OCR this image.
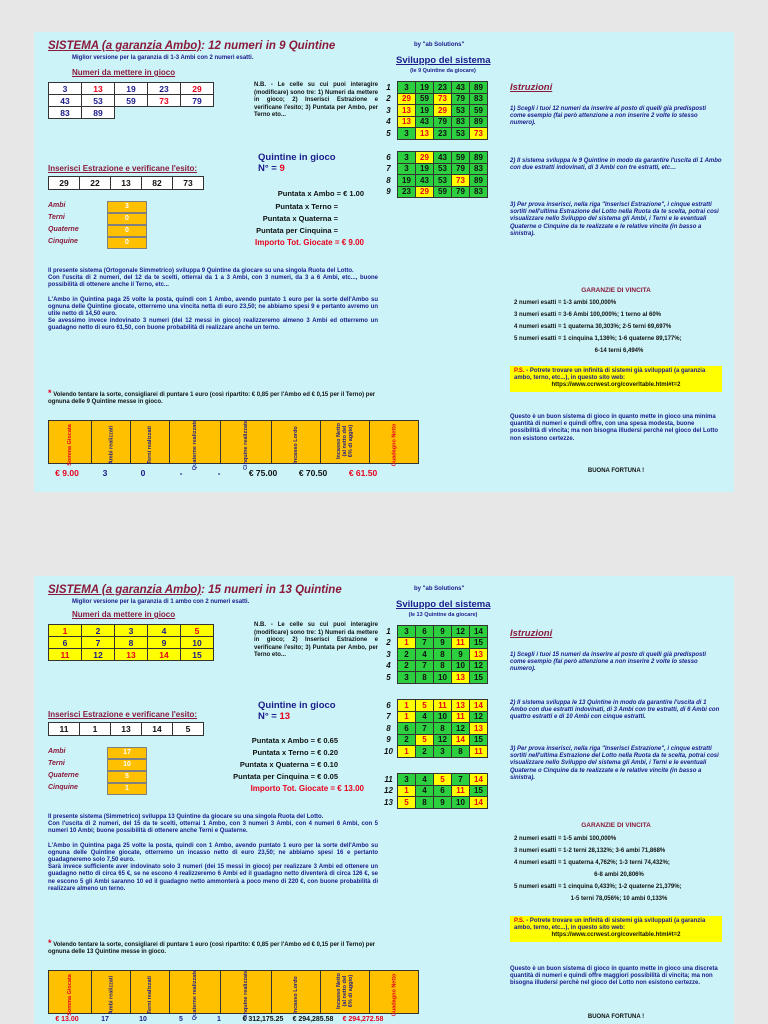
SISTEMA (a garanzia Ambo): 12 numeri in 9 Quintine	by "ab Solutions"
Miglior versione per la garanzia di 1-3 Ambi con 2 numeri esatti.
Numeri da mettere in gioco
3	13	19	23	29
43	53	59	73	79
83	89			
N.B. - Le celle su cui puoi interagire (modificare) sono tre: 1) Numeri da mettere in gioco; 2) Inserisci Estrazione e verificane l'esito; 3) Puntata per Ambo, per Terno eto...
Quintine in gioco N° = 9
Inserisci Estrazione e verificane l'esito:
29	22	13	82	73
Puntata x Ambo = € 1.00
Puntata x Terno =
Puntata x Quaterna =
Puntata per Cinquina =
Importo Tot. Giocate = € 9.00
Ambi	3
Terni	0
Quaterne	0
Cinquine	0
Il presente sistema (Ortogonale Simmetrico) sviluppa 9 Quintine da giocare su una singola Ruota del Lotto.
Con l'uscita di 2 numeri, del 12 da te scelti, otterrai da 1 a 3 Ambi, con 3 numeri, da 3 a 6 Ambi, etc..., buone possibilità di ottenere anche il Terno, etc...
L'Ambo in Quintina paga 25 volte la posta, quindi con 1 Ambo, avendo puntato 1 euro per la sorte dell'Ambo su ognuna delle Quintine giocate, otterremo una vincita netta di euro 23,50; ne abbiamo spesi 9 e pertanto avremo un utile netto di 14,50 euro.
Se avessimo invece indovinato 3 numeri (dei 12 messi in gioco) realizzeremo almeno 3 Ambi ed otterremo un guadagno netto di euro 61,50, con buone probabilità di realizzare anche un terno.
* Volendo tentare la sorte, consigliarei di puntare 1 euro (così ripartito: € 0,85 per l'Ambo ed € 0,15 per il Terno) per ognuna delle 9 Quintine messe in gioco.
Somma Giocata	Ambi realizzati	Terni realizzati	Quaterne realizzate	Cinquine realizzate	Incasso Lordo	Incasso Netto (al netto del 6% di aggio)	Guadagno Netto
€ 9.00	3	0	-	-	€ 75.00	€ 70.50	€ 61.50
Sviluppo del sistema
(le 9 Quintine da giocare)
1	3	19	23	43	89
2	29	59	73	79	83
3	13	19	29	53	59
4	13	43	79	83	89
5	3	13	23	53	73
6	3	29	43	59	89
7	3	19	53	79	83
8	19	43	53	73	89
9	23	29	59	79	83
Istruzioni
1) Scegli i tuoi 12 numeri da inserire al posto di quelli già predisposti come esempio (fai però attenzione a non inserire 2 volte lo stesso numero).
2) Il sistema sviluppa le 9 Quintine in modo da garantire l'uscita di 1 Ambo con due estratti indovinati, di 3 Ambi con tre estratti, etc…
3) Per prova inserisci, nella riga "Inserisci Estrazione", i cinque estratti sortiti nell'ultima Estrazione del Lotto nella Ruota da te scelta, potrai così visualizzare nello Sviluppo del sistema gli Ambi, i Terni e le eventuali Quaterne o Cinquine da te realizzate e le relative vincite (in basso a sinistra).
GARANZIE DI VINCITA
2 numeri esatti = 1-3 ambi 100,000%
3 numeri esatti = 3-6 Ambi 100,000%; 1 terno al 60%
4 numeri esatti = 1 quaterna 30,303%; 2-5 terni 69,697%
5 numeri esatti = 1 cinquina 1,136%; 1-6 quaterne 89,177%;
6-14 terni 6,494%
P.S. - Potrete trovare un infinità di sistemi già sviluppati (a garanzia ambo, terno, etc...), in questo sito web:
https://www.ccrwest.org/coverltable.html#t=2
Questo è un buon sistema di gioco in quanto mette in gioco una minima quantità di numeri e quindi offre, con una spesa modesta, buone possibilità di vincita; ma non bisogna illudersi perchè nel gioco del Lotto non esistono certezze.
BUONA FORTUNA !
SISTEMA (a garanzia Ambo): 15 numeri in 13 Quintine	by "ab Solutions"
Miglior versione per la garanzia di 1 ambo con 2 numeri esatti.
Numeri da mettere in gioco
1	2	3	4	5
6	7	8	9	10
11	12	13	14	15
N.B. - Le celle su cui puoi interagire (modificare) sono tre: 1) Numeri da mettere in gioco; 2) Inserisci Estrazione e verificane l'esito; 3) Puntata per Ambo, per Terno eto...
Quintine in gioco N° = 13
Inserisci Estrazione e verificane l'esito:
11	1	13	14	5
Puntata x Ambo = € 0.65
Puntata x Terno = € 0.20
Puntata x Quaterna = € 0.10
Puntata per Cinquina = € 0.05
Importo Tot. Giocate = € 13.00
Ambi	17
Terni	10
Quaterne	5
Cinquine	1
Il presente sistema (Simmetrico) sviluppa 13 Quintine da giocare su una singola Ruota del Lotto.
Con l'uscita di 2 numeri, del 15 da te scelti, otterrai 1 Ambo, con 3 numeri 3 Ambi, con 4 numeri 6 Ambi, con 5 numeri 10 Ambi; buone possibilità di ottenere anche Terni e Quaterne.
L'Ambo in Quintina paga 25 volte la posta, quindi con 1 Ambo, avendo puntato 1 euro per la sorte dell'Ambo su ognuna delle Quintine giocate, otterremo un incasso netto di euro 23,50; ne abbiamo spesi 16 e pertanto guadagneremo solo 7,50 euro.
Sarà invece sufficiente aver indovinato solo 3 numeri (dei 15 messi in gioco) per realizzare 3 Ambi ed ottenere un guadagno netto di circa 65 €, se ne escono 4 realizzeremo 6 Ambi ed il guadagno netto diventerà di circa 126 €, se ne escono 5 gli Ambi saranno 10 ed il guadagno netto ammonterà a poco meno di 220 €, con buone probabilità di realizzare almeno un terno.
* Volendo tentare la sorte, consigliarei di puntare 1 euro (così ripartito: € 0,85 per l'Ambo ed € 0,15 per il Terno) per ognuna delle 13 Quintine messe in gioco.
Somma Giocata	Ambi realizzati	Terni realizzati	Quaterne realizzate	Cinquine realizzate	Incasso Lordo	Incasso Netto (al netto del 6% di aggio)	Guadagno Netto
€ 13.00	17	10	5	1	€ 312,175.25 € 294,285.58 € 294,272.58
Sviluppo del sistema
(le 13 Quintine da giocare)
1	3	6	9	12	14
2	1	7	9	11	15
3	2	4	8	9	13
4	2	7	8	10	12
5	3	8	10	13	15
6	1	5	11	13	14
7	1	4	10	11	12
8	6	7	8	12	13
9	2	5	12	14	15
10	1	2	3	8	11
11	3	4	5	7	14
12	1	4	6	11	15
13	5	8	9	10	14
Istruzioni
1) Scegli i tuoi 15 numeri da inserire al posto di quelli già predisposti come esempio (fai però attenzione a non inserire 2 volte lo stesso numero).
2) Il sistema sviluppa le 13 Quintine in modo da garantire l'uscita di 1 Ambo con due estratti indovinati, di 3 Ambi con tre estratti, di 6 Ambi con quattro estratti e di 10 Ambi con cinque estratti.
3) Per prova inserisci, nella riga "Inserisci Estrazione", i cinque estratti sortiti nell'ultima Estrazione del Lotto nella Ruota da te scelta, potrai così visualizzare nello Sviluppo del sistema gli Ambi, i Terni e le eventuali Quaterne o Cinquine da te realizzate e le relative vincite (in basso a sinistra).
GARANZIE DI VINCITA
2 numeri esatti = 1-5 ambi 100,000%
3 numeri esatti = 1-2 terni 28,132%; 3-6 ambi 71,868%
4 numeri esatti = 1 quaterna 4,762%; 1-3 terni 74,432%;
6-8 ambi 20,806%
5 numeri esatti = 1 cinquina 0,433%; 1-2 quaterne 21,379%;
1-5 terni 78,056%; 10 ambi 0,133%
P.S. - Potrete trovare un infinità di sistemi già sviluppati (a garanzia ambo, terno, etc...), in questo sito web:
https://www.ccrwest.org/coverltable.html#t=2
Questo è un buon sistema di gioco in quanto mette in gioco una discreta quantità di numeri e quindi offre maggiori possibilità di vincita; ma non bisogna illudersi perchè nel gioco del Lotto non esistono certezze.
BUONA FORTUNA !
